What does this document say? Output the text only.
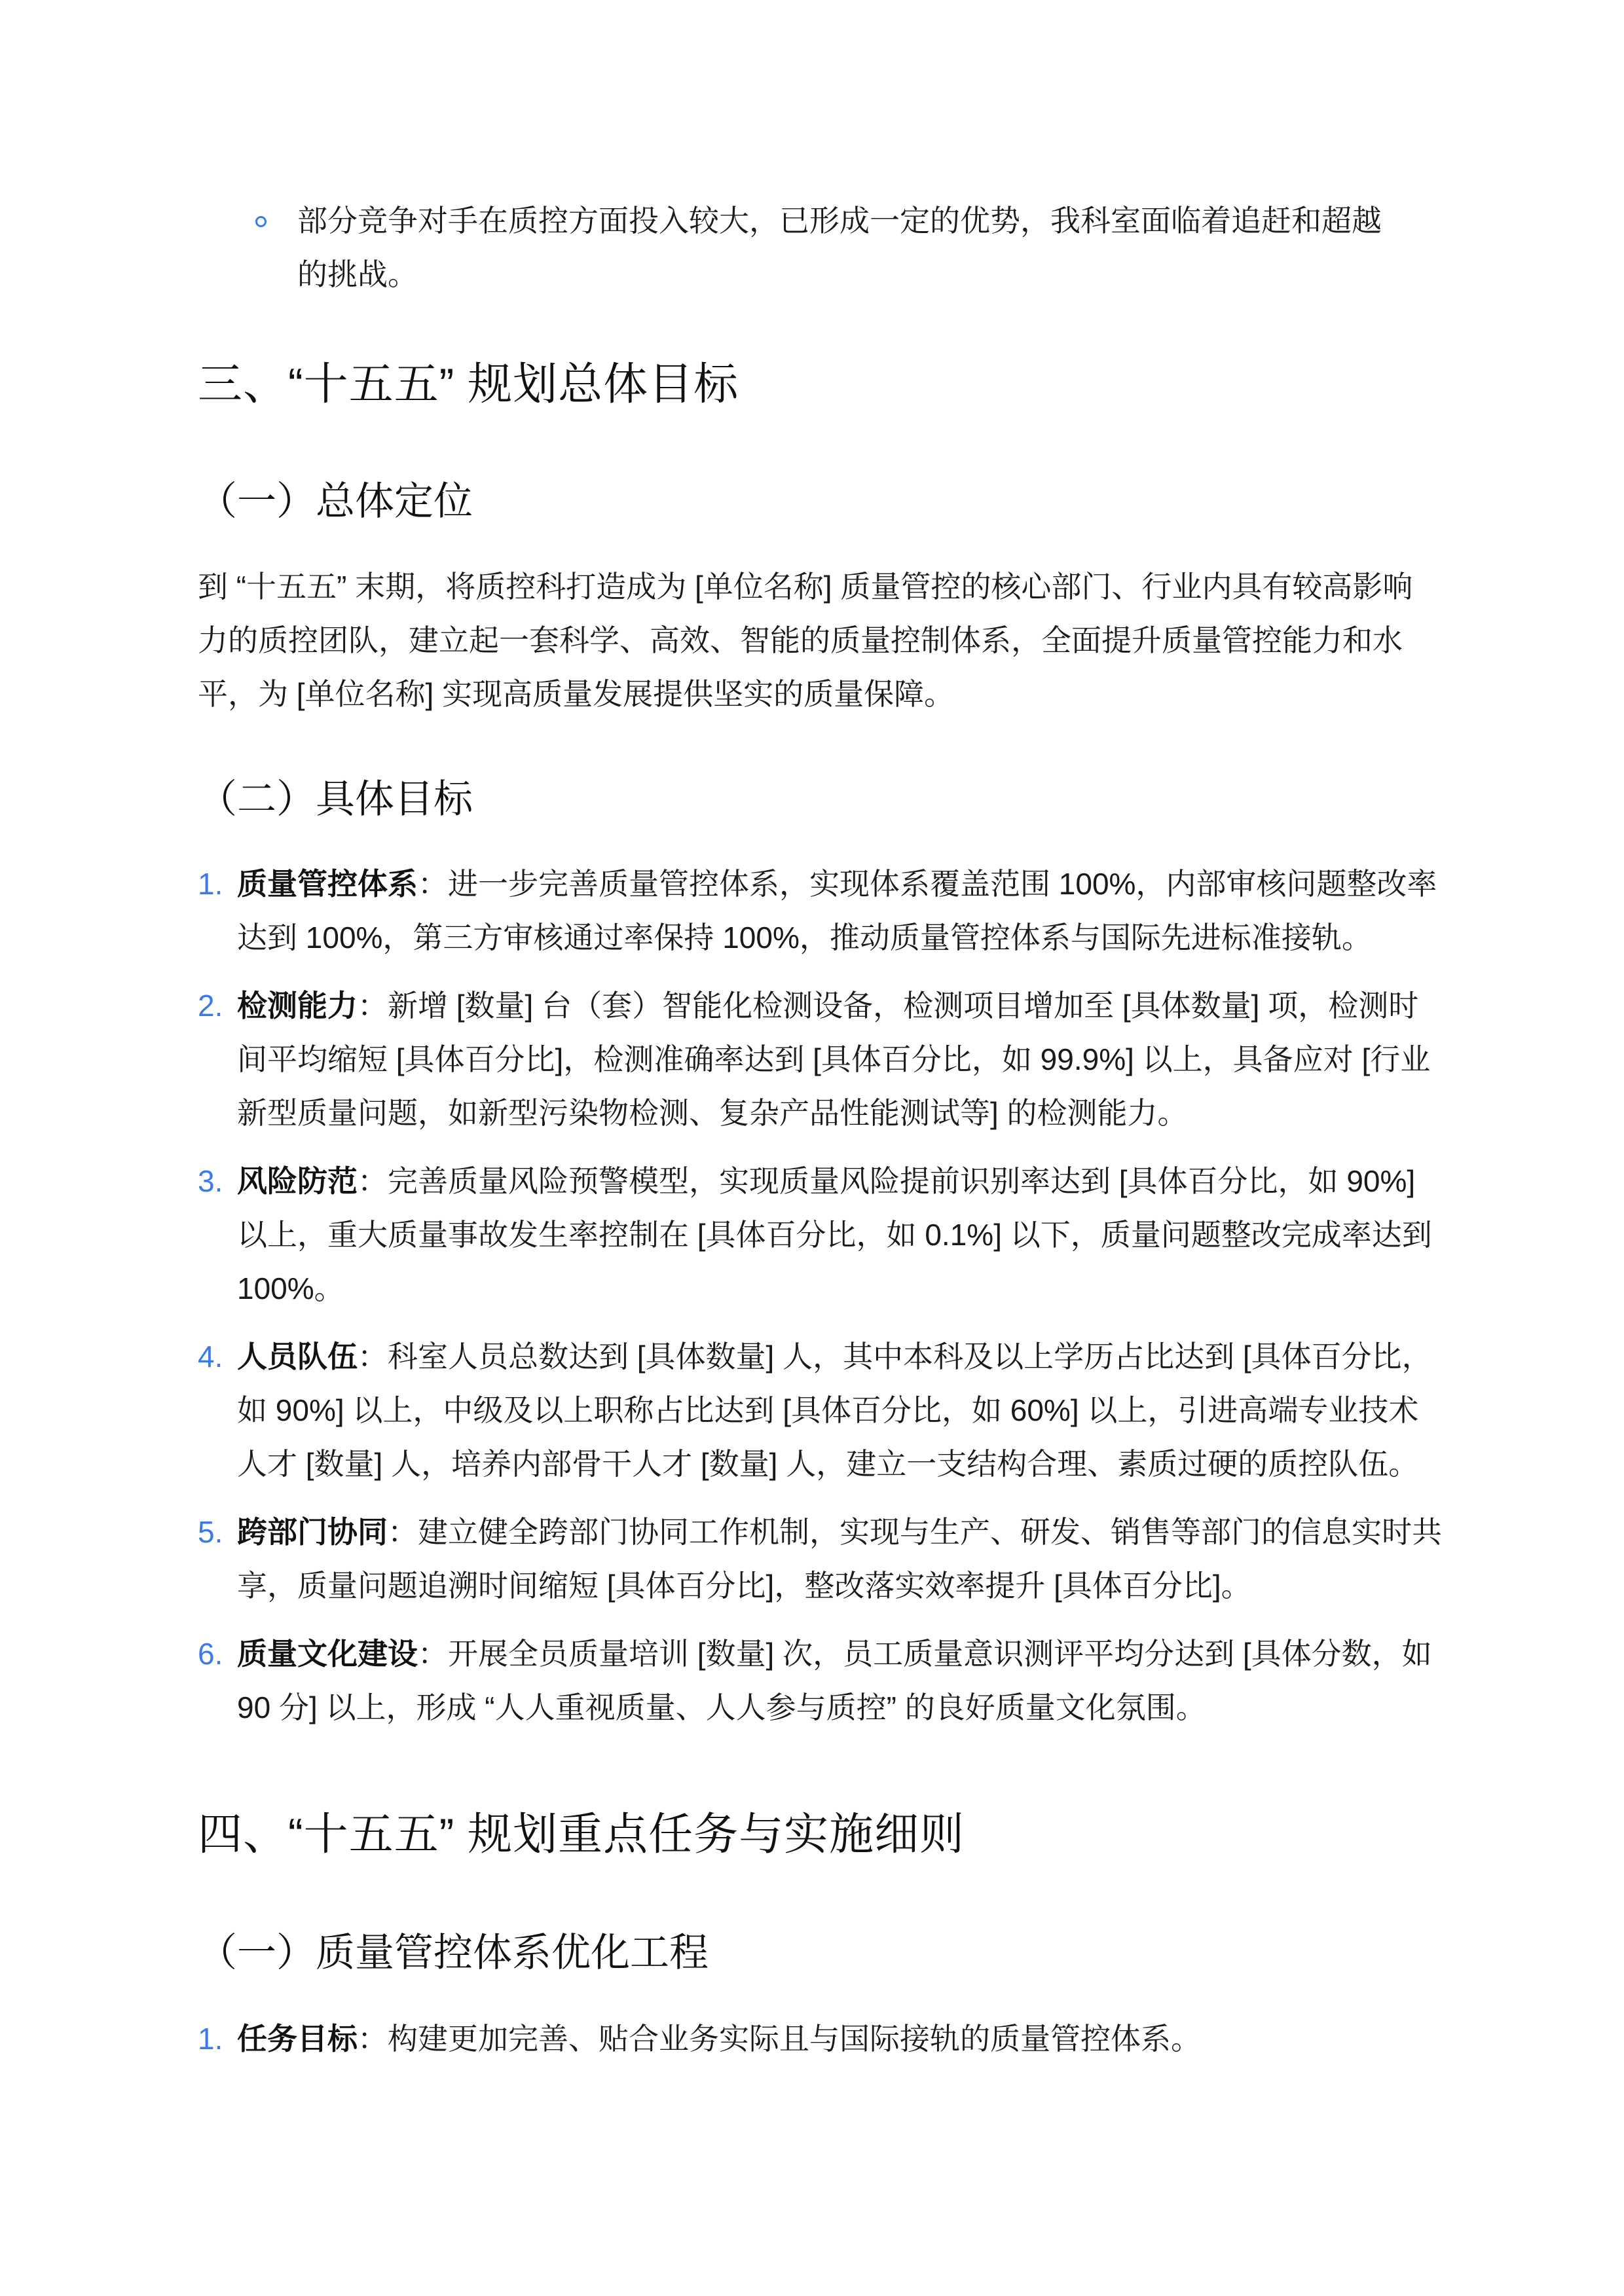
部分竞争对手在质控方面投入较大，已形成一定的优势，我科室面临着追赶和超越的挑战。
三、“十五五” 规划总体目标
（一）总体定位

到 “十五五” 末期，将质控科打造成为 [单位名称] 质量管控的核心部门、行业内具有较高影响力的质控团队，建立起一套科学、高效、智能的质量控制体系，全面提升质量管控能力和水平，为 [单位名称] 实现高质量发展提供坚实的质量保障。

（二）具体目标
1. 质量管控体系：进一步完善质量管控体系，实现体系覆盖范围 100%，内部审核问题整改率达到 100%，第三方审核通过率保持 100%，推动质量管控体系与国际先进标准接轨。
2. 检测能力：新增 [数量] 台（套）智能化检测设备，检测项目增加至 [具体数量] 项，检测时间平均缩短 [具体百分比]，检测准确率达到 [具体百分比，如 99.9%] 以上，具备应对 [行业新型质量问题，如新型污染物检测、复杂产品性能测试等] 的检测能力。
3. 风险防范：完善质量风险预警模型，实现质量风险提前识别率达到 [具体百分比，如 90%] 以上，重大质量事故发生率控制在 [具体百分比，如 0.1%] 以下，质量问题整改完成率达到 100%。
4. 人员队伍：科室人员总数达到 [具体数量] 人，其中本科及以上学历占比达到 [具体百分比，如 90%] 以上，中级及以上职称占比达到 [具体百分比，如 60%] 以上，引进高端专业技术人才 [数量] 人，培养内部骨干人才 [数量] 人，建立一支结构合理、素质过硬的质控队伍。
5. 跨部门协同：建立健全跨部门协同工作机制，实现与生产、研发、销售等部门的信息实时共享，质量问题追溯时间缩短 [具体百分比]，整改落实效率提升 [具体百分比]。
6. 质量文化建设：开展全员质量培训 [数量] 次，员工质量意识测评平均分达到 [具体分数，如 90 分] 以上，形成 “人人重视质量、人人参与质控” 的良好质量文化氛围。
四、“十五五” 规划重点任务与实施细则
（一）质量管控体系优化工程
1. 任务目标：构建更加完善、贴合业务实际且与国际接轨的质量管控体系。
